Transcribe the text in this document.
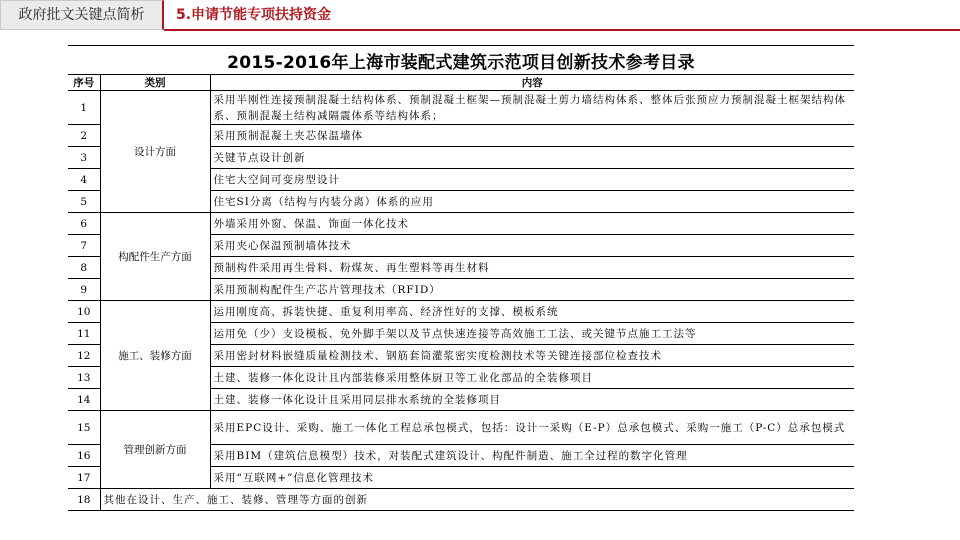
政府批文关键点简析	5.申请节能专项扶持资金
2015-2016年上海市装配式建筑示范项目创新技术参考目录
序号	类别	内容
1	设计方面	采用半刚性连接预制混凝土结构体系、预制混凝土框架—预制混凝土剪力墙结构体系、整体后张预应力预制混凝土框架结构体系、预制混凝土结构减隔震体系等结构体系；
2		采用预制混凝土夹芯保温墙体
3		关键节点设计创新
4		住宅大空间可变房型设计
5		住宅SI分离（结构与内装分离）体系的应用
6	构配件生产方面	外墙采用外窗、保温、饰面一体化技术
7		采用夹心保温预制墙体技术
8		预制构件采用再生骨料、粉煤灰、再生塑料等再生材料
9		采用预制构配件生产芯片管理技术（RFID）
10	施工、装修方面	运用刚度高、拆装快捷、重复利用率高、经济性好的支撑、模板系统
11		运用免（少）支设模板、免外脚手架以及节点快速连接等高效施工工法、或关键节点施工工法等
12		采用密封材料嵌缝质量检测技术、钢筋套筒灌浆密实度检测技术等关键连接部位检查技术
13		土建、装修一体化设计且内部装修采用整体厨卫等工业化部品的全装修项目
14		土建、装修一体化设计且采用同层排水系统的全装修项目
15	管理创新方面	采用EPC设计、采购、施工一体化工程总承包模式，包括：设计一采购（E-P）总承包模式、采购一施工（P-C）总承包模式
16		采用BIM（建筑信息模型）技术，对装配式建筑设计、构配件制造、施工全过程的数字化管理
17		采用“互联网+”信息化管理技术
18	其他在设计、生产、施工、装修、管理等方面的创新	
